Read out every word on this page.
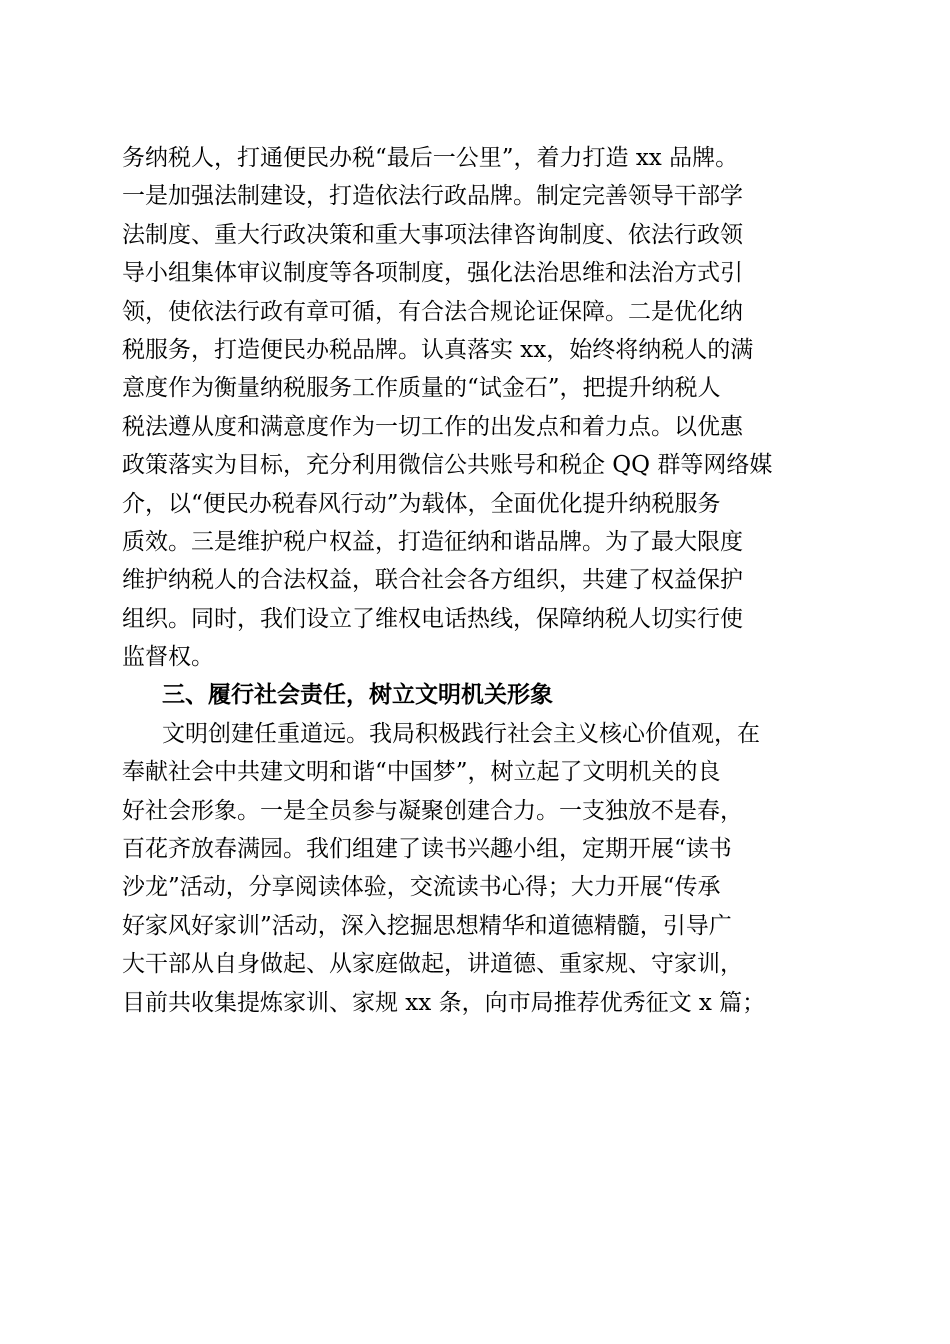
务纳税人，打通便民办税“最后一公里”，着力打造 xx 品牌。
一是加强法制建设，打造依法行政品牌。制定完善领导干部学
法制度、重大行政决策和重大事项法律咨询制度、依法行政领
导小组集体审议制度等各项制度，强化法治思维和法治方式引
领，使依法行政有章可循，有合法合规论证保障。二是优化纳
税服务，打造便民办税品牌。认真落实 xx，始终将纳税人的满
意度作为衡量纳税服务工作质量的“试金石”，把提升纳税人
税法遵从度和满意度作为一切工作的出发点和着力点。以优惠
政策落实为目标，充分利用微信公共账号和税企 QQ 群等网络媒
介，以“便民办税春风行动”为载体，全面优化提升纳税服务
质效。三是维护税户权益，打造征纳和谐品牌。为了最大限度
维护纳税人的合法权益，联合社会各方组织，共建了权益保护
组织。同时，我们设立了维权电话热线，保障纳税人切实行使
监督权。
三、履行社会责任，树立文明机关形象
文明创建任重道远。我局积极践行社会主义核心价值观，在
奉献社会中共建文明和谐“中国梦”，树立起了文明机关的良
好社会形象。一是全员参与凝聚创建合力。一支独放不是春，
百花齐放春满园。我们组建了读书兴趣小组，定期开展“读书
沙龙”活动，分享阅读体验，交流读书心得；大力开展“传承
好家风好家训”活动，深入挖掘思想精华和道德精髓，引导广
大干部从自身做起、从家庭做起，讲道德、重家规、守家训，
目前共收集提炼家训、家规 xx 条，向市局推荐优秀征文 x 篇；
